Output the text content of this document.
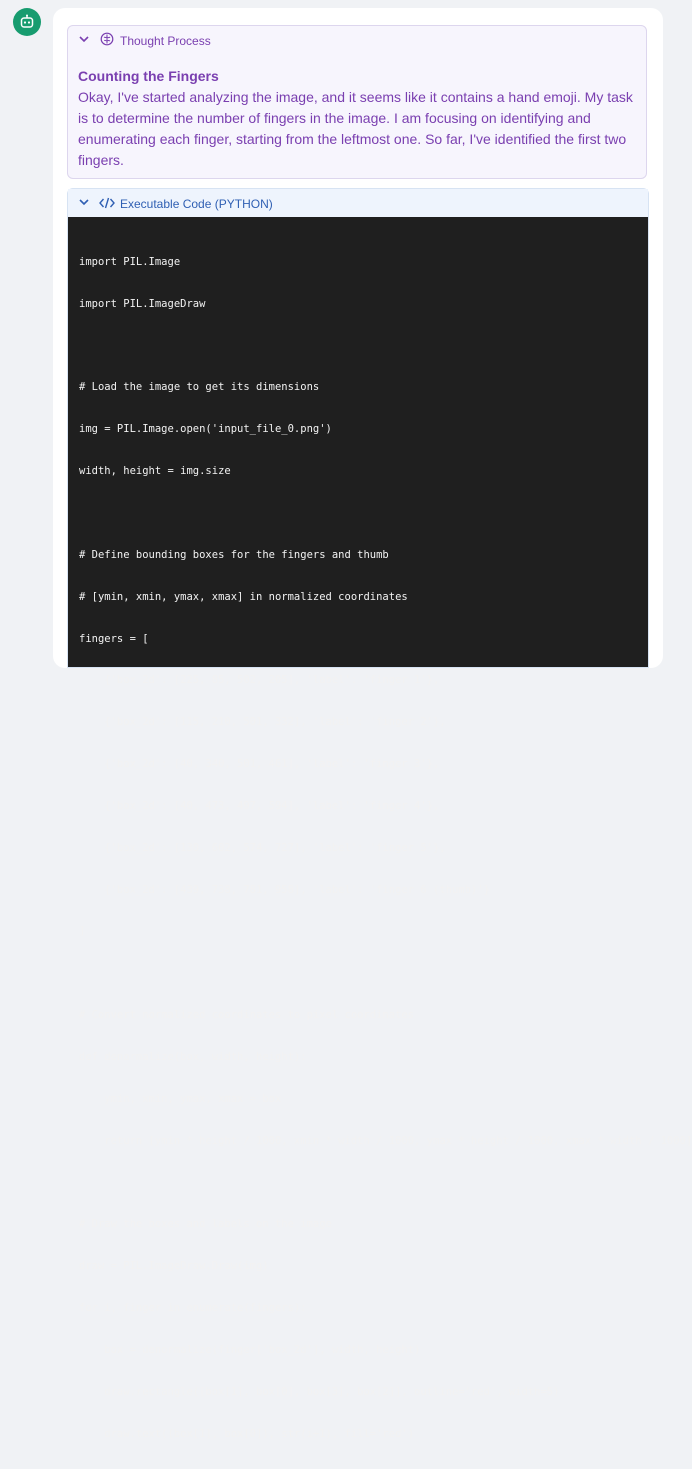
Thought Process
Counting the Fingers
Okay, I've started analyzing the image, and it seems like it contains a hand emoji. My task is to determine the number of fingers in the image. I am focusing on identifying and enumerating each finger, starting from the leftmost one. So far, I've identified the first two fingers.
Executable Code (PYTHON)

import PIL.Image

import PIL.ImageDraw

# Load the image to get its dimensions

img = PIL.Image.open('input_file_0.png')

width, height = img.size

# Define bounding boxes for the fingers and thumb

# [ymin, xmin, ymax, xmax] in normalized coordinates

fingers = [

{'box_2d': [225, 85, 502, 205], 'label': 'finger 1'},

{'box_2d': [115, 210, 501, 332], 'label': 'finger 2'},

{'box_2d': [40, 340, 501, 461], 'label': 'finger 3'},

{'box_2d': [40, 473, 497, 594], 'label': 'finger 4'},

{'box_2d': [130, 602, 574, 727], 'label': 'finger 5'},

{'box_2d': [439, 738, 781, 958], 'label': 'finger 6 (thumb)'}

]

# Convert normalized coordinates to pixel coordinates

def denormalize(box, width, height):

ymin, xmin, ymax, xmax = box

return [ymin * height / 1000, xmin * width / 1000, ymax * height / 1000, xmax * width / 1000]

# Draw the boxes and labels on the image

draw = PIL.ImageDraw.Draw(img)

for i, finger in enumerate(fingers):

box = denormalize(finger['box_2d'], width, height)

draw.rectangle([box[1], box[0], box[3], box[2]], outline='red', width=5)

draw.text((box[1], box[0]), str(i+1), fill='red')
